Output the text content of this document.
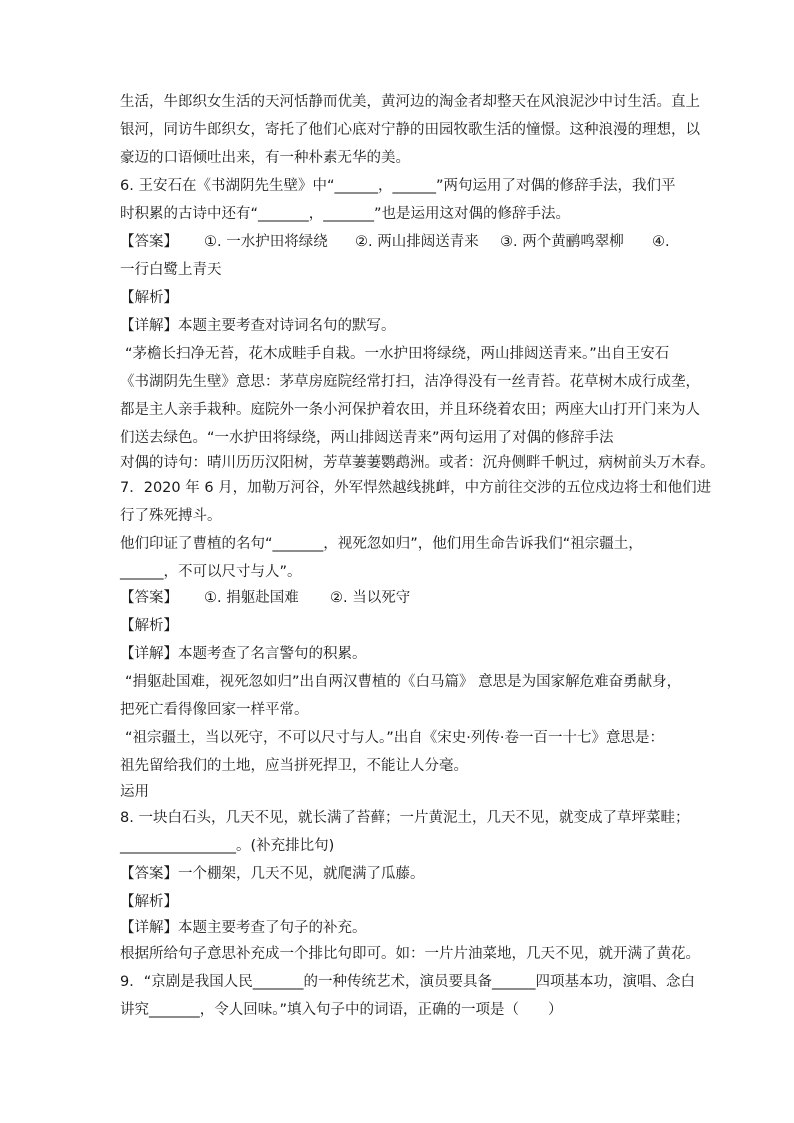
生活，牛郎织女生活的天河恬静而优美，黄河边的淘金者却整天在风浪泥沙中讨生活。直上
银河，同访牛郎织女，寄托了他们心底对宁静的田园牧歌生活的憧憬。这种浪漫的理想，以
豪迈的口语倾吐出来，有一种朴素无华的美。
6. 王安石在《书湖阴先生壁》中“______，______”两句运用了对偶的修辞手法，我们平
时积累的古诗中还有“_______，_______”也是运用这对偶的修辞手法。
【答案】 ①. 一水护田将绿绕 ②. 两山排闼送青来 ③. 两个黄鹂鸣翠柳 ④.
一行白鹭上青天
【解析】
【详解】本题主要考查对诗词名句的默写。
“茅檐长扫净无苔，花木成畦手自栽。一水护田将绿绕，两山排闼送青来。”出自王安石
《书湖阴先生壁》意思：茅草房庭院经常打扫，洁净得没有一丝青苔。花草树木成行成垄，
都是主人亲手栽种。庭院外一条小河保护着农田，并且环绕着农田；两座大山打开门来为人
们送去绿色。“一水护田将绿绕，两山排闼送青来”两句运用了对偶的修辞手法
对偶的诗句：晴川历历汉阳树，芳草萋萋鹦鹉洲。或者：沉舟侧畔千帆过，病树前头万木春。
7．2020 年 6 月，加勒万河谷，外军悍然越线挑衅，中方前往交涉的五位戍边将士和他们进
行了殊死搏斗。
他们印证了曹植的名句“_______，视死忽如归”，他们用生命告诉我们“祖宗疆土，
______，不可以尺寸与人”。
【答案】 ①. 捐躯赴国难 ②. 当以死守
【解析】
【详解】本题考查了名言警句的积累。
“捐躯赴国难，视死忽如归”出自两汉曹植的《白马篇》 意思是为国家解危难奋勇献身，
把死亡看得像回家一样平常。
“祖宗疆土，当以死守，不可以尺寸与人。”出自《宋史·列传·卷一百一十七》意思是：
祖先留给我们的土地，应当拼死捍卫，不能让人分毫。
运用
8. 一块白石头，几天不见，就长满了苔藓；一片黄泥土，几天不见，就变成了草坪菜畦；
________________。(补充排比句)
【答案】一个棚架，几天不见，就爬满了瓜藤。
【解析】
【详解】本题主要考查了句子的补充。
根据所给句子意思补充成一个排比句即可。如：一片片油菜地，几天不见，就开满了黄花。
9．“京剧是我国人民_______的一种传统艺术，演员要具备______四项基本功，演唱、念白
讲究_______，令人回味。”填入句子中的词语，正确的一项是（　　）
